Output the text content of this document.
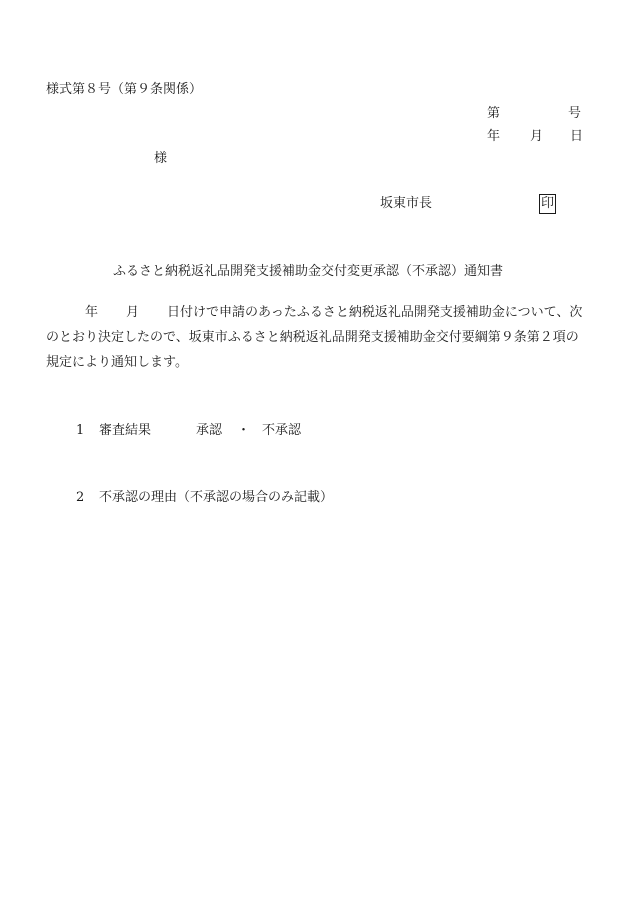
様式第８号（第９条関係）
第	号
年 月 日
様
坂東市長	印
ふるさと納税返礼品開発支援補助金交付変更承認（不承認）通知書
年 月 日付けで申請のあったふるさと納税返礼品開発支援補助金について、次のとおり決定したので、坂東市ふるさと納税返礼品開発支援補助金交付要綱第９条第２項の規定により通知します。
1 審査結果	承認 ・ 不承認
2 不承認の理由（不承認の場合のみ記載）
